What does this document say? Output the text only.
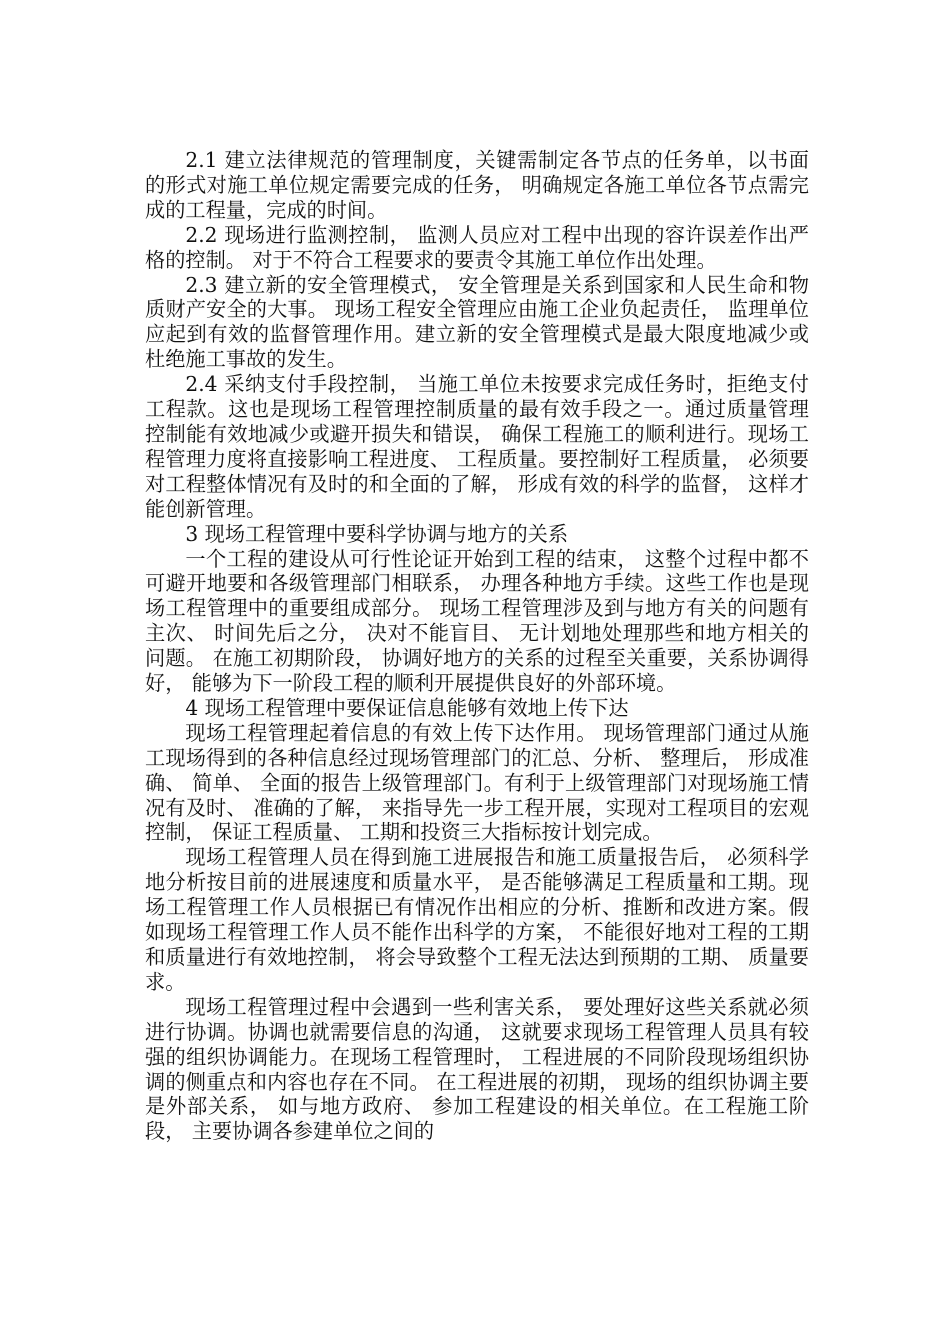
2.1 建立法律规范的管理制度，关键需制定各节点的任务单，以书面的形式对施工单位规定需要完成的任务， 明确规定各施工单位各节点需完成的工程量，完成的时间。

2.2 现场进行监测控制， 监测人员应对工程中出现的容许误差作出严格的控制。 对于不符合工程要求的要责令其施工单位作出处理。

2.3 建立新的安全管理模式， 安全管理是关系到国家和人民生命和物质财产安全的大事。 现场工程安全管理应由施工企业负起责任， 监理单位应起到有效的监督管理作用。建立新的安全管理模式是最大限度地减少或杜绝施工事故的发生。

2.4 采纳支付手段控制， 当施工单位未按要求完成任务时，拒绝支付工程款。这也是现场工程管理控制质量的最有效手段之一。通过质量管理控制能有效地减少或避开损失和错误， 确保工程施工的顺利进行。现场工程管理力度将直接影响工程进度、 工程质量。要控制好工程质量， 必须要对工程整体情况有及时的和全面的了解， 形成有效的科学的监督， 这样才能创新管理。

3 现场工程管理中要科学协调与地方的关系

一个工程的建设从可行性论证开始到工程的结束， 这整个过程中都不可避开地要和各级管理部门相联系， 办理各种地方手续。这些工作也是现场工程管理中的重要组成部分。 现场工程管理涉及到与地方有关的问题有主次、 时间先后之分， 决对不能盲目、 无计划地处理那些和地方相关的问题。 在施工初期阶段， 协调好地方的关系的过程至关重要，关系协调得好， 能够为下一阶段工程的顺利开展提供良好的外部环境。

4 现场工程管理中要保证信息能够有效地上传下达

现场工程管理起着信息的有效上传下达作用。 现场管理部门通过从施工现场得到的各种信息经过现场管理部门的汇总、分析、 整理后， 形成准确、 简单、 全面的报告上级管理部门。有利于上级管理部门对现场施工情况有及时、 准确的了解， 来指导先一步工程开展，实现对工程项目的宏观控制， 保证工程质量、 工期和投资三大指标按计划完成。

现场工程管理人员在得到施工进展报告和施工质量报告后， 必须科学地分析按目前的进展速度和质量水平， 是否能够满足工程质量和工期。现场工程管理工作人员根据已有情况作出相应的分析、推断和改进方案。假如现场工程管理工作人员不能作出科学的方案， 不能很好地对工程的工期和质量进行有效地控制， 将会导致整个工程无法达到预期的工期、 质量要求。

现场工程管理过程中会遇到一些利害关系， 要处理好这些关系就必须进行协调。协调也就需要信息的沟通， 这就要求现场工程管理人员具有较强的组织协调能力。在现场工程管理时， 工程进展的不同阶段现场组织协调的侧重点和内容也存在不同。 在工程进展的初期， 现场的组织协调主要是外部关系， 如与地方政府、 参加工程建设的相关单位。在工程施工阶段， 主要协调各参建单位之间的
